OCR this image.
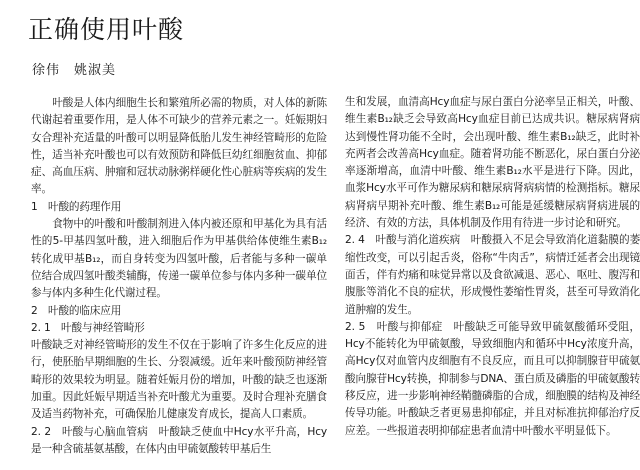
正确使用叶酸
徐伟　姚淑美

叶酸是人体内细胞生长和繁殖所必需的物质，对人体的新陈代谢起着重要作用，是人体不可缺少的营养元素之一。妊娠期妇女合理补充适量的叶酸可以明显降低胎儿发生神经管畸形的危险性，适当补充叶酸也可以有效预防和降低巨幼红细胞贫血、抑郁症、高血压病、肿瘤和冠状动脉粥样硬化性心脏病等疾病的发生率。

1　叶酸的药理作用

食物中的叶酸和叶酸制剂进入体内被还原和甲基化为具有活性的5-甲基四氢叶酸，进入细胞后作为甲基供给体使维生素B₁₂转化成甲基B₁₂，而自身转变为四氢叶酸，后者能与多种一碳单位结合成四氢叶酸类辅酶，传递一碳单位参与体内多种一碳单位参与体内多种生化代谢过程。

2　叶酸的临床应用

2. 1　叶酸与神经管畸形

叶酸缺乏对神经管畸形的发生不仅在于影响了许多生化反应的进行，使胚胎早期细胞的生长、分裂减缓。近年来叶酸预防神经管畸形的效果较为明显。随着妊娠月份的增加，叶酸的缺乏也逐渐加重。因此妊娠早期适当补充叶酸尤为重要。及时合理补充膳食及适当药物补充，可确保胎儿健康发育成长，提高人口素质。

2. 2　叶酸与心脑血管病　叶酸缺乏使血中Hcy水平升高，Hcy是一种含硫基氨基酸，在体内由甲硫氨酸转甲基后生

生和发展，血清高Hcy血症与尿白蛋白分泌率呈正相关，叶酸、维生素B₁₂缺乏会导致高Hcy血症目前已达成共识。糖尿病肾病达到慢性肾功能不全时，会出现叶酸、维生素B₁₂缺乏，此时补充两者会改善高Hcy血症。随着肾功能不断恶化，尿白蛋白分泌率逐渐增高，血清中叶酸、维生素B₁₂水平是进行下降。因此，血浆Hcy水平可作为糖尿病和糖尿病肾病病情的检测指标。糖尿病肾病早期补充叶酸、维生素B₁₂可能是延缓糖尿病肾病进展的经济、有效的方法，具体机制及作用有待进一步讨论和研究。

2. 4　叶酸与消化道疾病　叶酸摄入不足会导致消化道黏膜的萎缩性改变，可以引起舌炎，俗称“牛肉舌”，病情迁延者会出现镜面舌，伴有灼痛和味觉异常以及食欲减退、恶心、呕吐、腹泻和腹胀等消化不良的症状，形成慢性萎缩性胃炎，甚至可导致消化道肿瘤的发生。

2. 5　叶酸与抑郁症　叶酸缺乏可能导致甲硫氨酸循环受阻，Hcy不能转化为甲硫氨酸，导致细胞内和循环中Hcy浓度升高，高Hcy仅对血管内皮细胞有不良反应，而且可以抑制腺苷甲硫氨酸向腺苷Hcy转换，抑制参与DNA、蛋白质及磷脂的甲硫氨酸转移反应，进一步影响神经鞘髓磷脂的合成，细胞膜的结构及神经传导功能。叶酸缺乏者更易患抑郁症，并且对标准抗抑郁治疗反应差。一些报道表明抑郁症患者血清中叶酸水平明显低下。
